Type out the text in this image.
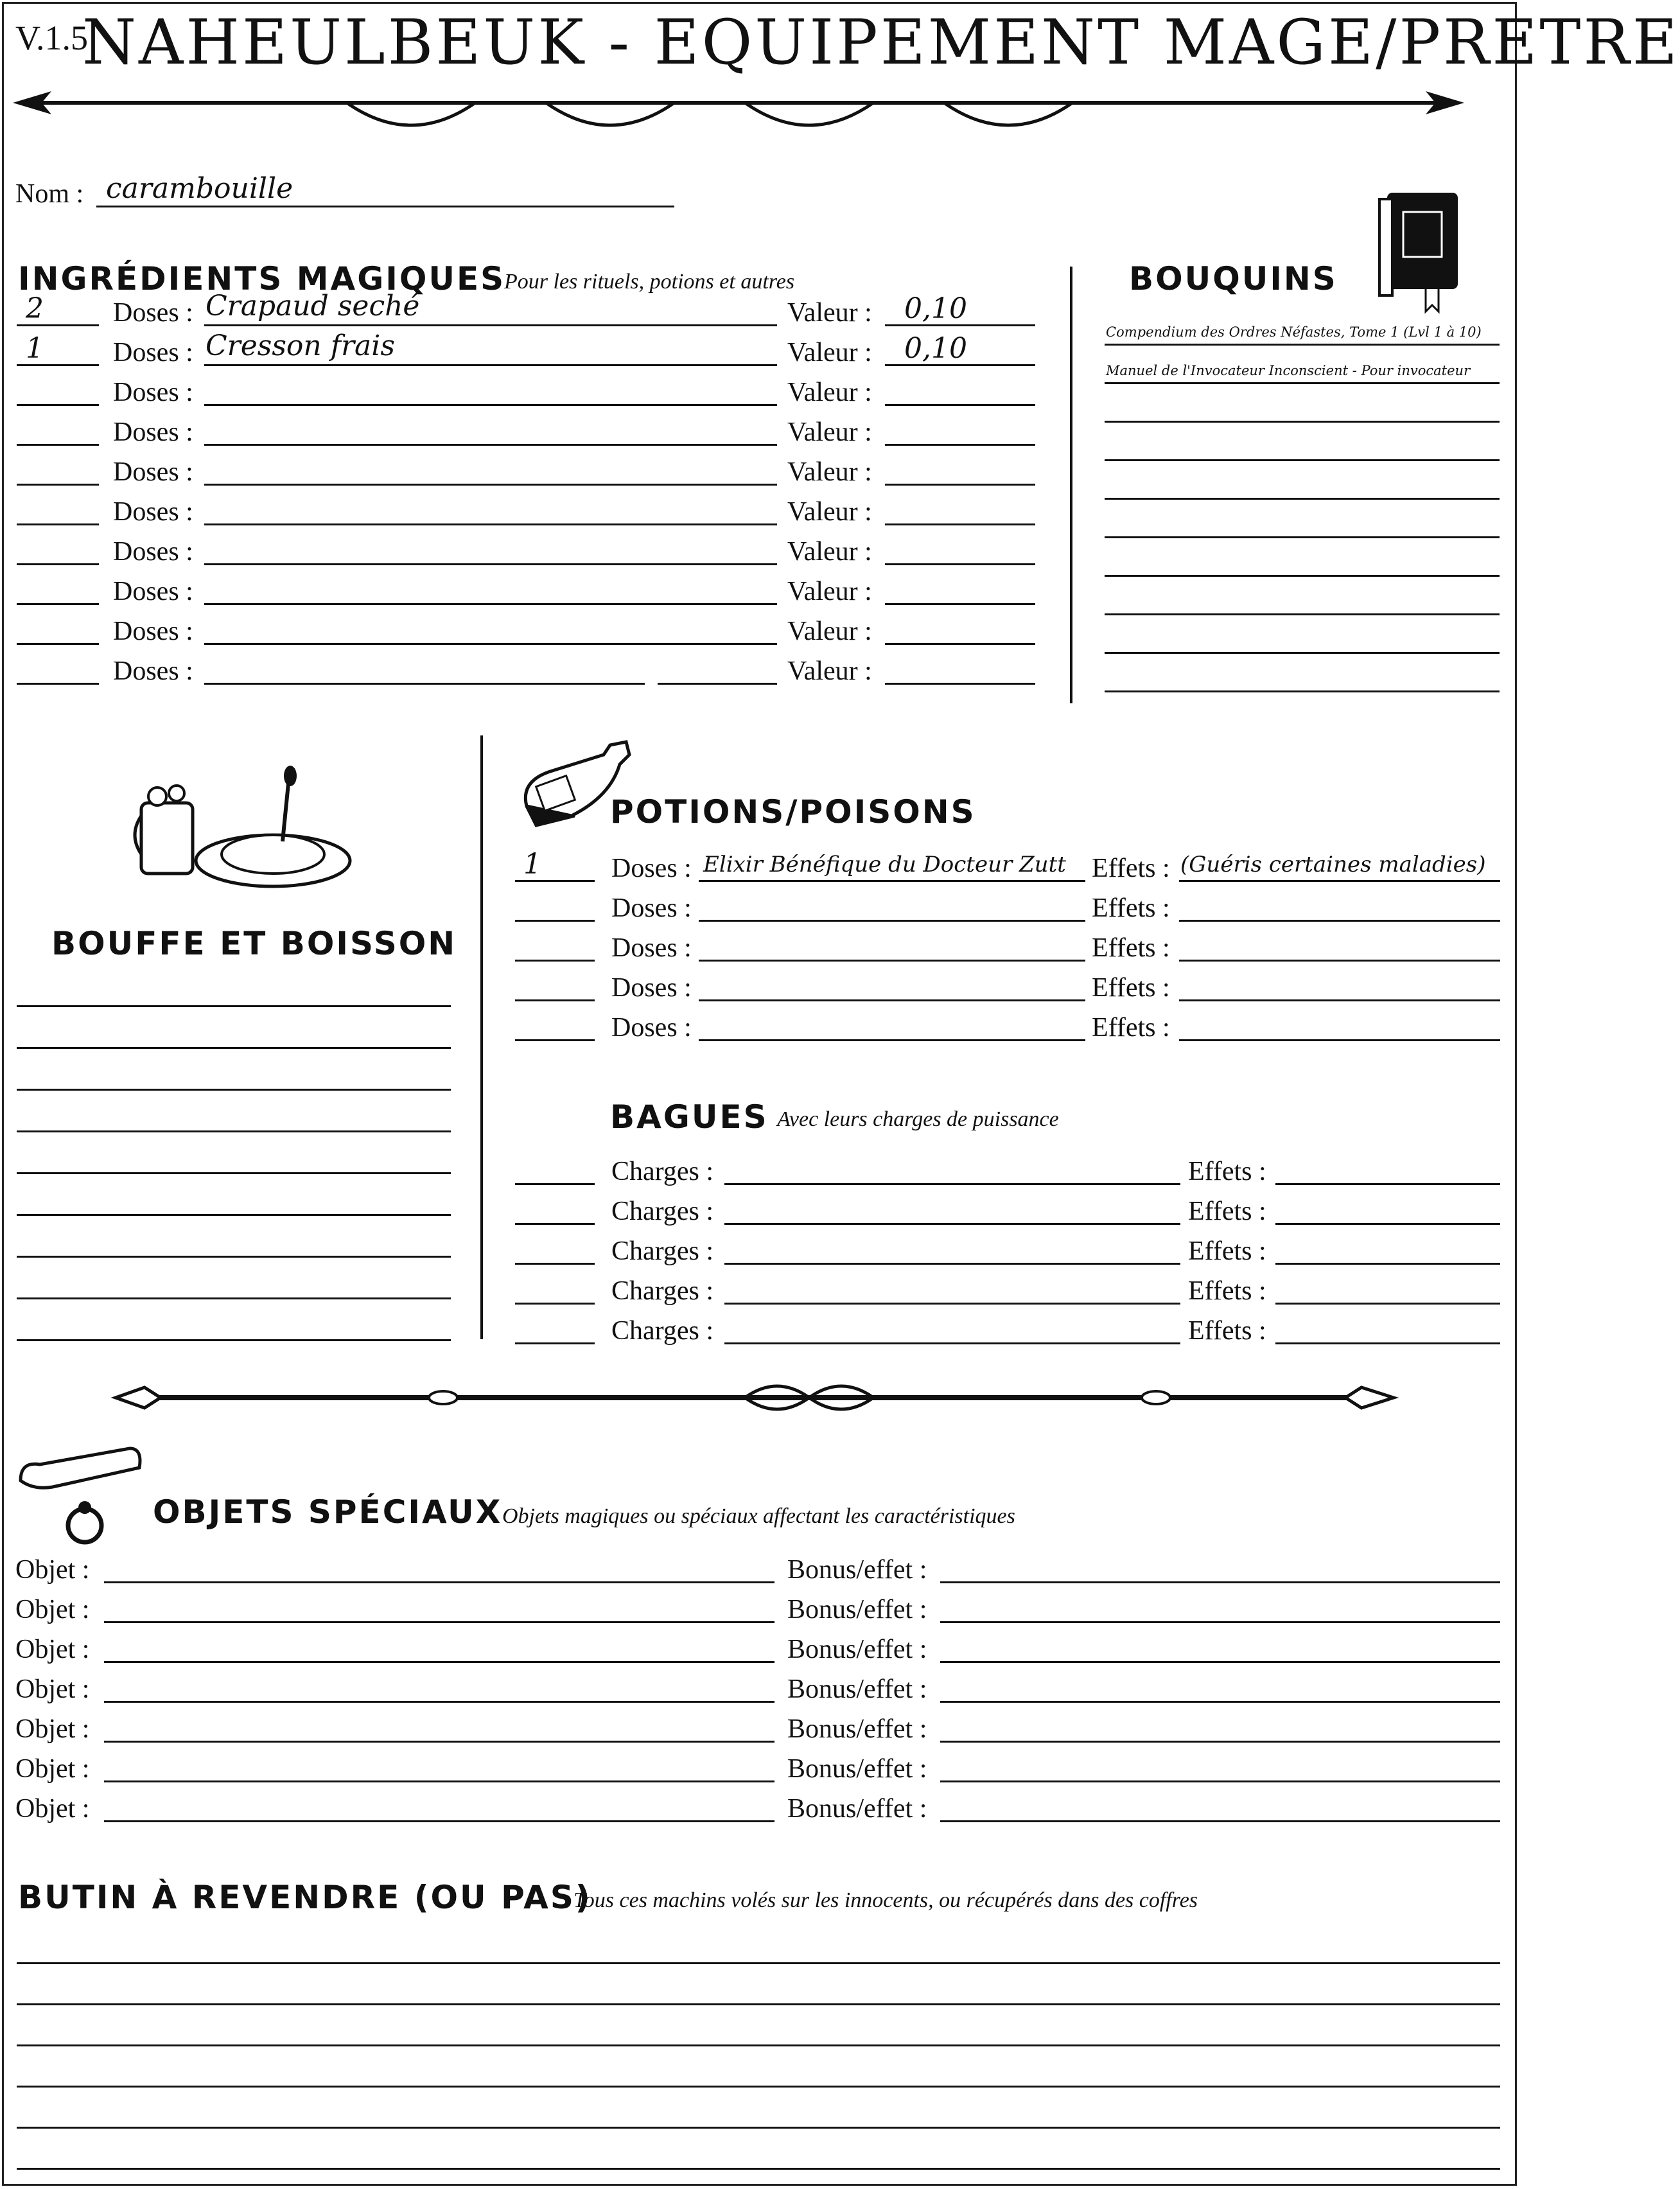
V.1.5
NAHEULBEUK - EQUIPEMENT MAGE/PRETRE
Nom : carambouille
INGRÉDIENTS MAGIQUES
Pour les rituels, potions et autres
2	Doses : Crapaud seché	Valeur : 0,10
1	Doses : Cresson frais	Valeur : 0,10
Doses :	Valeur :
Doses :	Valeur :
Doses :	Valeur :
Doses :	Valeur :
Doses :	Valeur :
Doses :	Valeur :
Doses :	Valeur :
Doses :	Valeur :
BOUQUINS
Compendium des Ordres Néfastes, Tome 1 (Lvl 1 à 10)
Manuel de l'Invocateur Inconscient - Pour invocateur
BOUFFE ET BOISSON
POTIONS/POISONS
1	Doses : Elixir Bénéfique du Docteur Zutt Effets : (Guéris certaines maladies)
Doses :	Effets :
Doses :	Effets :
Doses :	Effets :
Doses :	Effets :
BAGUES Avec leurs charges de puissance
Charges :	Effets :
Charges :	Effets :
Charges :	Effets :
Charges :	Effets :
Charges :	Effets :
OBJETS SPÉCIAUX Objets magiques ou spéciaux affectant les caractéristiques
Objet :	Bonus/effet :
Objet :	Bonus/effet :
Objet :	Bonus/effet :
Objet :	Bonus/effet :
Objet :	Bonus/effet :
Objet :	Bonus/effet :
Objet :	Bonus/effet :
BUTIN À REVENDRE (OU PAS)
Tous ces machins volés sur les innocents, ou récupérés dans des coffres
